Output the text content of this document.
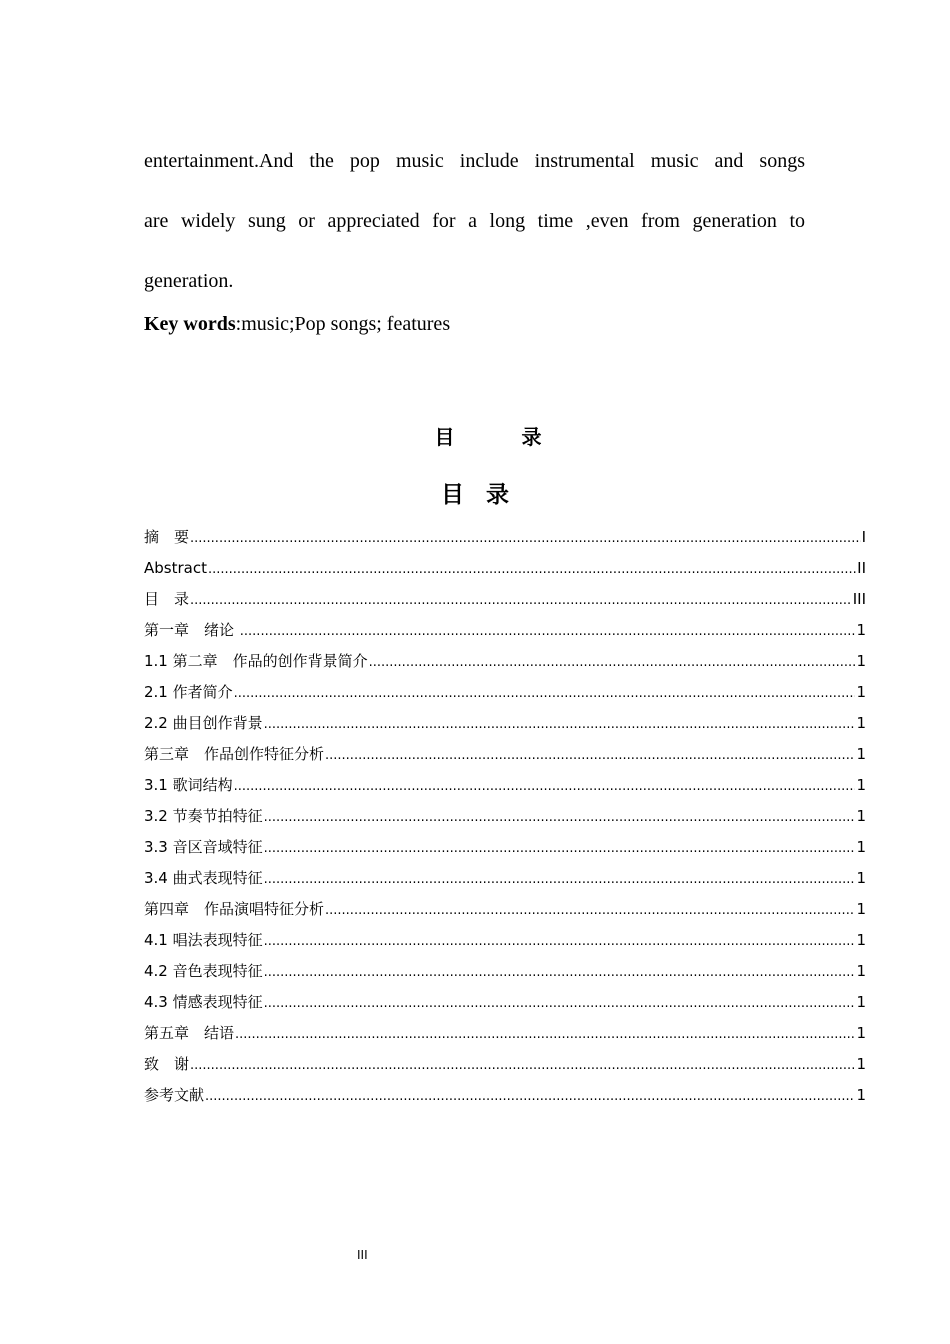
entertainment.And the pop music include instrumental music and songs
are widely sung or appreciated for a long time ,even from generation to
generation.

Key words:music;Pop songs; features

目 录
目 录
摘　要 .....	I
Abstract .....	II
目　录 .....	III
第一章　绪论 .....	1
1.1 第二章　作品的创作背景简介 .....	1
2.1 作者简介 .....	1
2.2 曲目创作背景 .....	1
第三章　作品创作特征分析 .....	1
3.1 歌词结构 .....	1
3.2 节奏节拍特征 .....	1
3.3 音区音域特征 .....	1
3.4 曲式表现特征 .....	1
第四章　作品演唱特征分析 .....	1
4.1 唱法表现特征 .....	1
4.2 音色表现特征 .....	1
4.3 情感表现特征 .....	1
第五章　结语 .....	1
致　谢 .....	1
参考文献 .....	1

III
